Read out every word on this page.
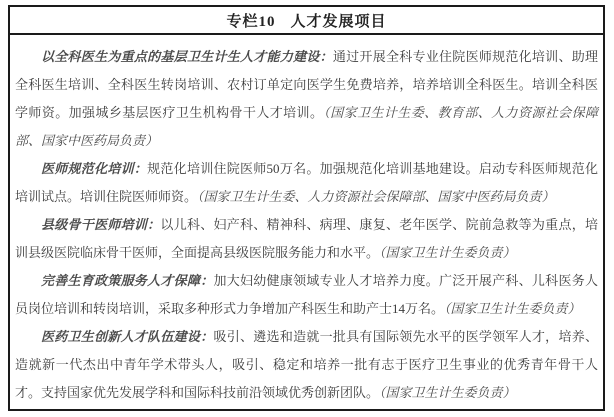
专栏10 人才发展项目

以全科医生为重点的基层卫生计生人才能力建设：通过开展全科专业住院医师规范化培训、助理全科医生培训、全科医生转岗培训、农村订单定向医学生免费培养，培养培训全科医生。培训全科医学师资。加强城乡基层医疗卫生机构骨干人才培训。（国家卫生计生委、教育部、人力资源社会保障部、国家中医药局负责）

医师规范化培训：规范化培训住院医师50万名。加强规范化培训基地建设。启动专科医师规范化培训试点。培训住院医师师资。（国家卫生计生委、人力资源社会保障部、国家中医药局负责）

县级骨干医师培训：以儿科、妇产科、精神科、病理、康复、老年医学、院前急救等为重点，培训县级医院临床骨干医师，全面提高县级医院服务能力和水平。（国家卫生计生委负责）

完善生育政策服务人才保障：加大妇幼健康领域专业人才培养力度。广泛开展产科、儿科医务人员岗位培训和转岗培训，采取多种形式力争增加产科医生和助产士14万名。（国家卫生计生委负责）

医药卫生创新人才队伍建设：吸引、遴选和造就一批具有国际领先水平的医学领军人才，培养、造就新一代杰出中青年学术带头人，吸引、稳定和培养一批有志于医疗卫生事业的优秀青年骨干人才。支持国家优先发展学科和国际科技前沿领域优秀创新团队。（国家卫生计生委负责）
